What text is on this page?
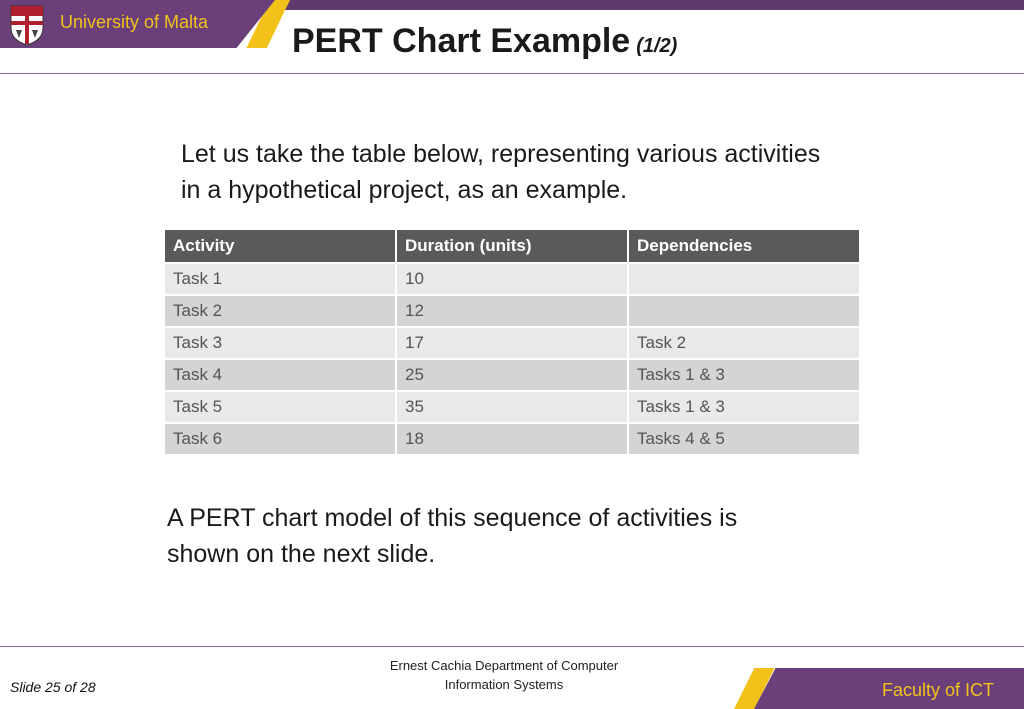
University of Malta PERT Chart Example (1/2)
Let us take the table below, representing various activities in a hypothetical project, as an example.
Activity	Duration (units)	Dependencies
Task 1	10	
Task 2	12	
Task 3	17	Task 2
Task 4	25	Tasks 1 & 3
Task 5	35	Tasks 1 & 3
Task 6	18	Tasks 4 & 5
A PERT chart model of this sequence of activities is shown on the next slide.
Slide 25 of 28
Ernest Cachia Department of Computer
Information Systems	Faculty of ICT
